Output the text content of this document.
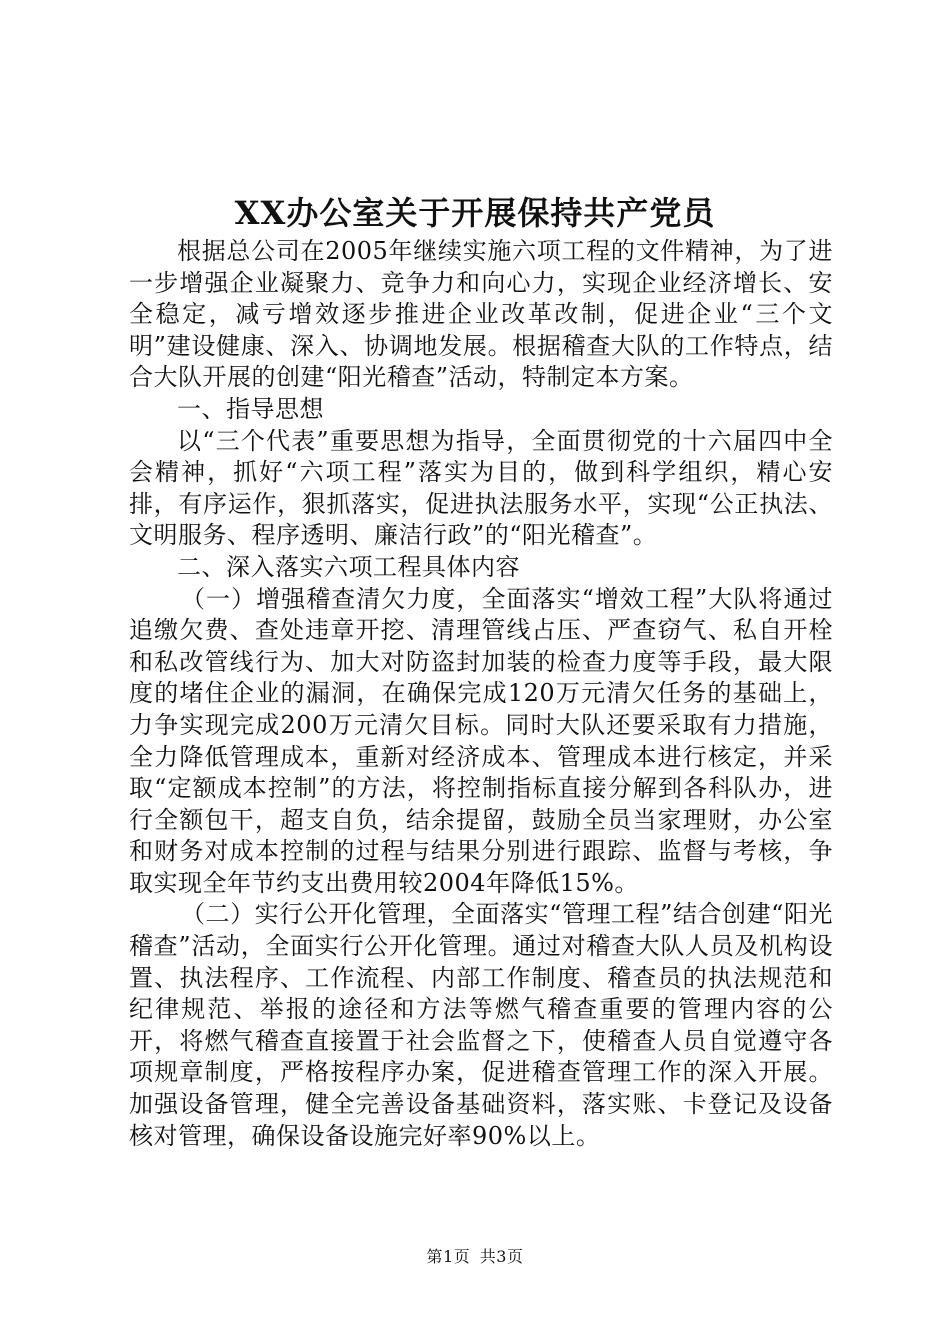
XX办公室关于开展保持共产党员

根据总公司在2005年继续实施六项工程的文件精神，为了进一步增强企业凝聚力、竞争力和向心力，实现企业经济增长、安全稳定，减亏增效逐步推进企业改革改制，促进企业“三个文明”建设健康、深入、协调地发展。根据稽查大队的工作特点，结合大队开展的创建“阳光稽查”活动，特制定本方案。

一、指导思想

以“三个代表”重要思想为指导，全面贯彻党的十六届四中全会精神，抓好“六项工程”落实为目的，做到科学组织，精心安排，有序运作，狠抓落实，促进执法服务水平，实现“公正执法、文明服务、程序透明、廉洁行政”的“阳光稽查”。

二、深入落实六项工程具体内容

（一）增强稽查清欠力度，全面落实“增效工程”大队将通过追缴欠费、查处违章开挖、清理管线占压、严查窃气、私自开栓和私改管线行为、加大对防盗封加装的检查力度等手段，最大限度的堵住企业的漏洞，在确保完成120万元清欠任务的基础上，力争实现完成200万元清欠目标。同时大队还要采取有力措施，全力降低管理成本，重新对经济成本、管理成本进行核定，并采取“定额成本控制”的方法，将控制指标直接分解到各科队办，进行全额包干，超支自负，结余提留，鼓励全员当家理财，办公室和财务对成本控制的过程与结果分别进行跟踪、监督与考核，争取实现全年节约支出费用较2004年降低15%。

（二）实行公开化管理，全面落实“管理工程”结合创建“阳光稽查”活动，全面实行公开化管理。通过对稽查大队人员及机构设置、执法程序、工作流程、内部工作制度、稽查员的执法规范和纪律规范、举报的途径和方法等燃气稽查重要的管理内容的公开，将燃气稽查直接置于社会监督之下，使稽查人员自觉遵守各项规章制度，严格按程序办案，促进稽查管理工作的深入开展。加强设备管理，健全完善设备基础资料，落实账、卡登记及设备核对管理，确保设备设施完好率90%以上。

第1页 共3页
